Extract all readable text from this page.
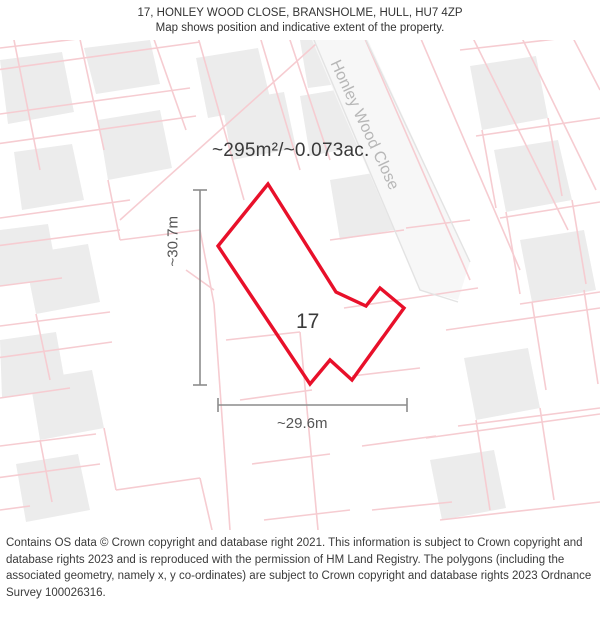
17, HONLEY WOOD CLOSE, BRANSHOLME, HULL, HU7 4ZP
Map shows position and indicative extent of the property.
Honley Wood Close
~295m²/~0.073ac.
17
~29.6m
~30.7m
Contains OS data © Crown copyright and database right 2021. This information is subject to Crown copyright and database rights 2023 and is reproduced with the permission of HM Land Registry. The polygons (including the associated geometry, namely x, y co-ordinates) are subject to Crown copyright and database rights 2023 Ordnance Survey 100026316.
